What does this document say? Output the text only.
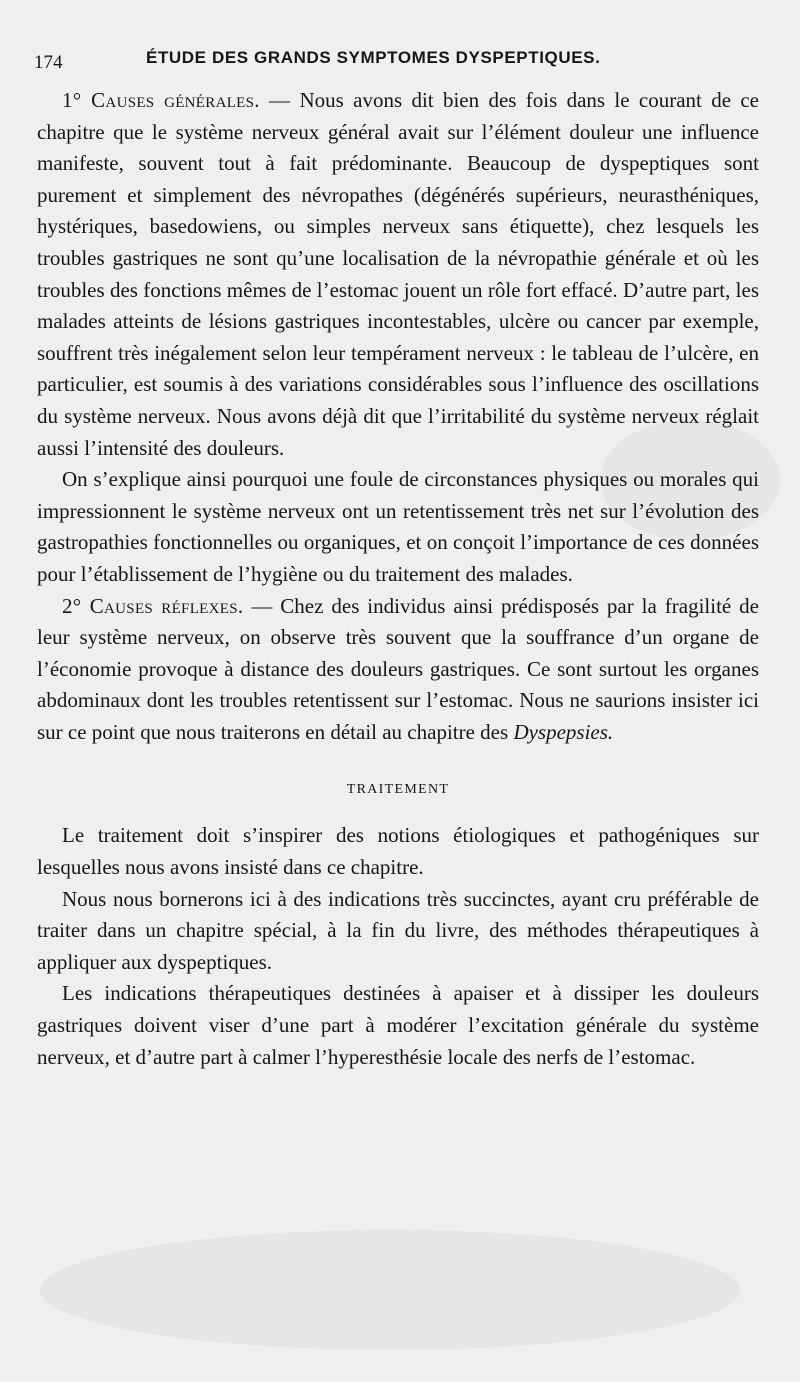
174	ÉTUDE DES GRANDS SYMPTOMES DYSPEPTIQUES.

1° Causes générales. — Nous avons dit bien des fois dans le courant de ce chapitre que le système nerveux général avait sur l’élément douleur une influence manifeste, souvent tout à fait prédominante. Beaucoup de dyspeptiques sont purement et simplement des névropathes (dégénérés supérieurs, neurasthéniques, hystériques, basedowiens, ou simples nerveux sans étiquette), chez lesquels les troubles gastriques ne sont qu’une localisation de la névropathie générale et où les troubles des fonctions mêmes de l’estomac jouent un rôle fort effacé. D’autre part, les malades atteints de lésions gastriques incontestables, ulcère ou cancer par exemple, souffrent très inégalement selon leur tempérament nerveux : le tableau de l’ulcère, en particulier, est soumis à des variations considérables sous l’influence des oscillations du système nerveux. Nous avons déjà dit que l’irritabilité du système nerveux réglait aussi l’intensité des douleurs.

On s’explique ainsi pourquoi une foule de circonstances physiques ou morales qui impressionnent le système nerveux ont un retentissement très net sur l’évolution des gastropathies fonctionnelles ou organiques, et on conçoit l’importance de ces données pour l’établissement de l’hygiène ou du traitement des malades.

2° Causes réflexes. — Chez des individus ainsi prédisposés par la fragilité de leur système nerveux, on observe très souvent que la souffrance d’un organe de l’économie provoque à distance des douleurs gastriques. Ce sont surtout les organes abdominaux dont les troubles retentissent sur l’estomac. Nous ne saurions insister ici sur ce point que nous traiterons en détail au chapitre des Dyspepsies.

TRAITEMENT

Le traitement doit s’inspirer des notions étiologiques et pathogéniques sur lesquelles nous avons insisté dans ce chapitre.

Nous nous bornerons ici à des indications très succinctes, ayant cru préférable de traiter dans un chapitre spécial, à la fin du livre, des méthodes thérapeutiques à appliquer aux dyspeptiques.

Les indications thérapeutiques destinées à apaiser et à dissiper les douleurs gastriques doivent viser d’une part à modérer l’excitation générale du système nerveux, et d’autre part à calmer l’hyperesthésie locale des nerfs de l’estomac.
